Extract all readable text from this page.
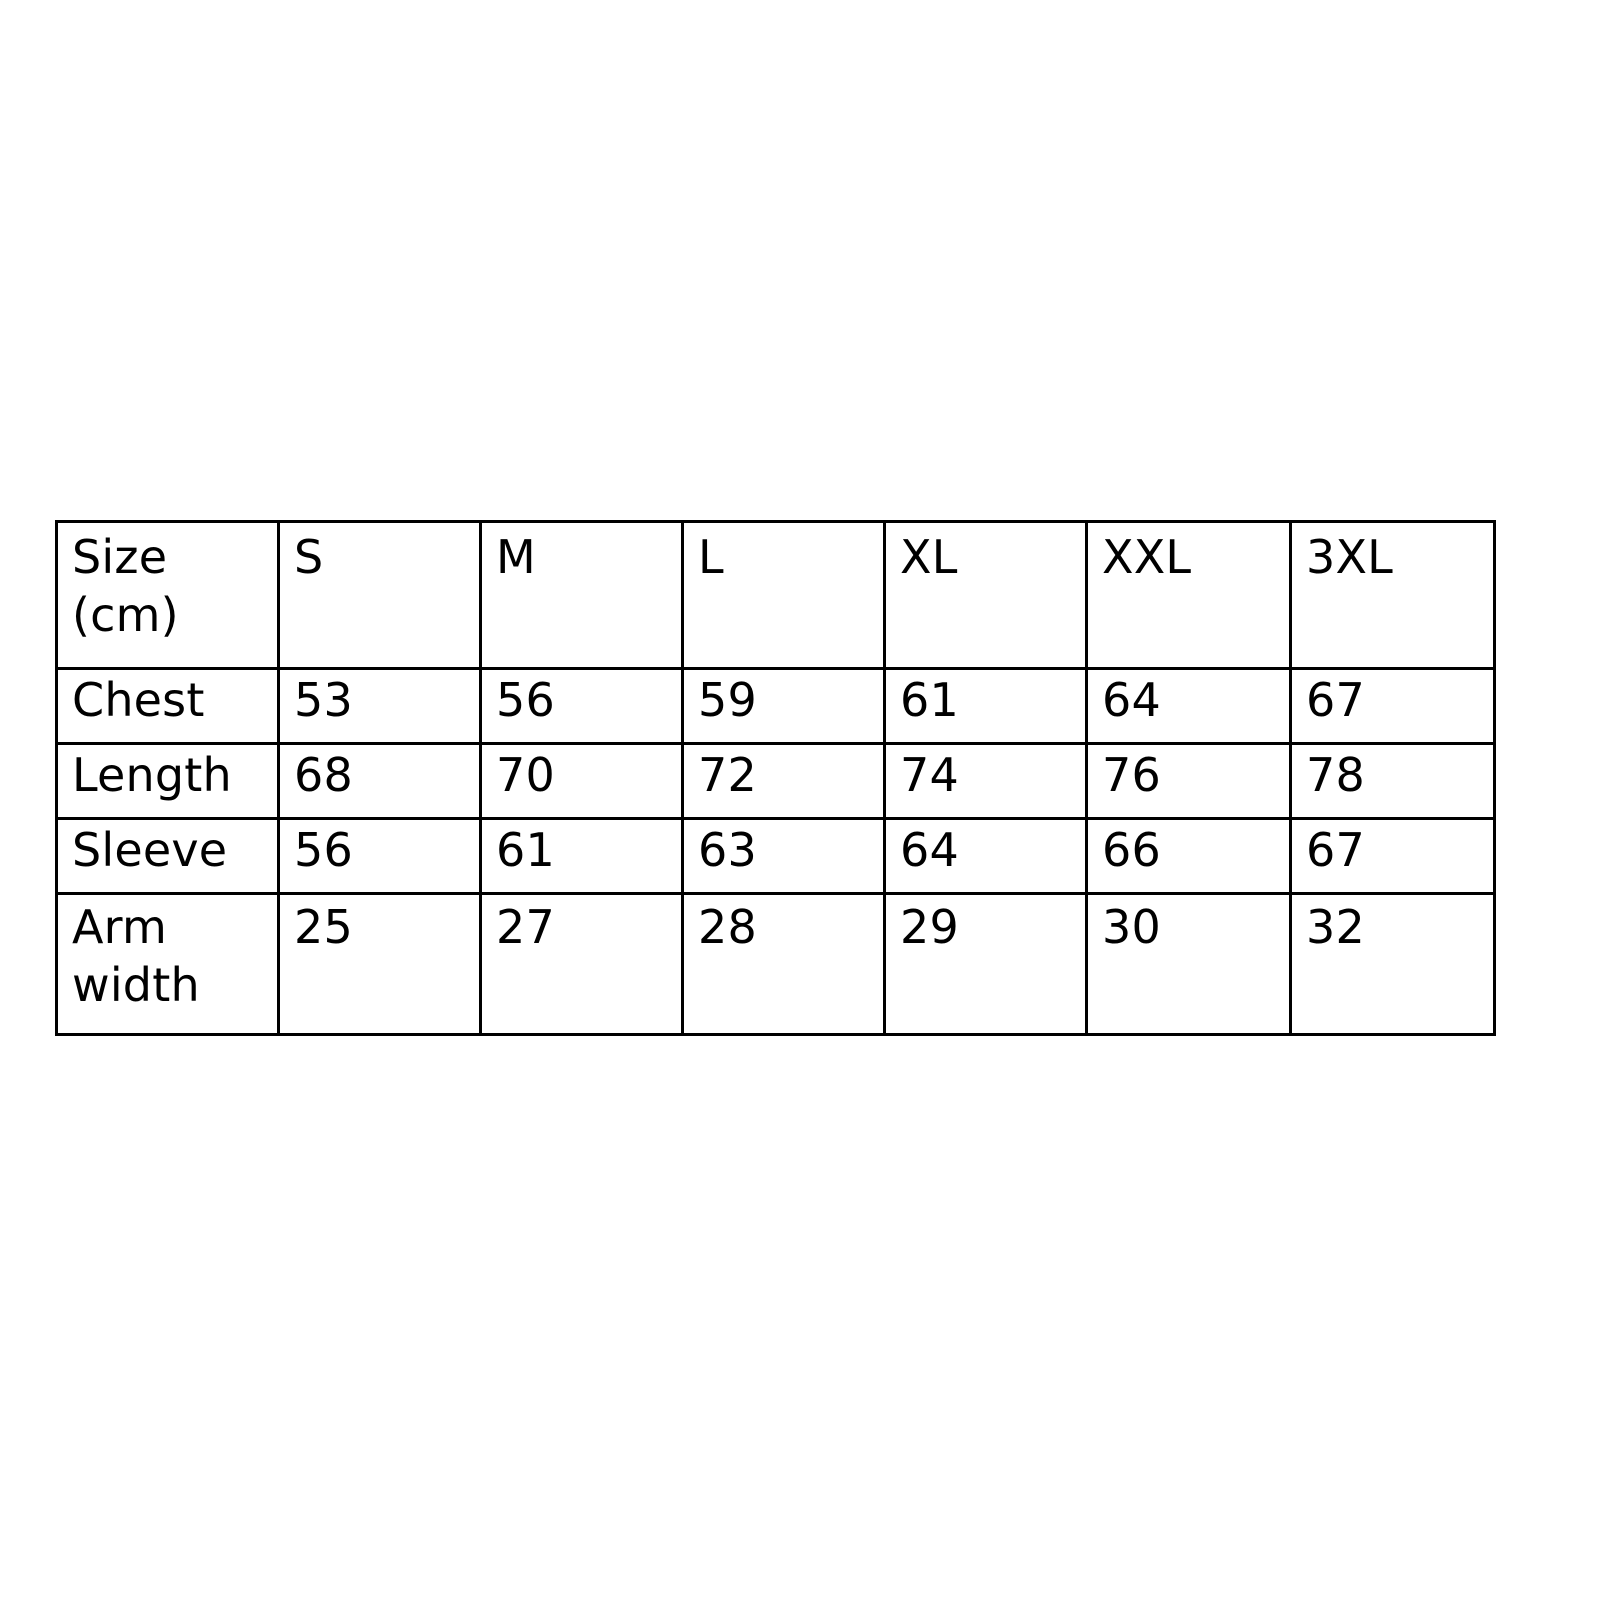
Size (cm)	S	M	L	XL	XXL	3XL

Chest	53	56	59	61	64	67

Length	68	70	72	74	76	78

Sleeve	56	61	63	64	66	67

Arm width	25	27	28	29	30	32
